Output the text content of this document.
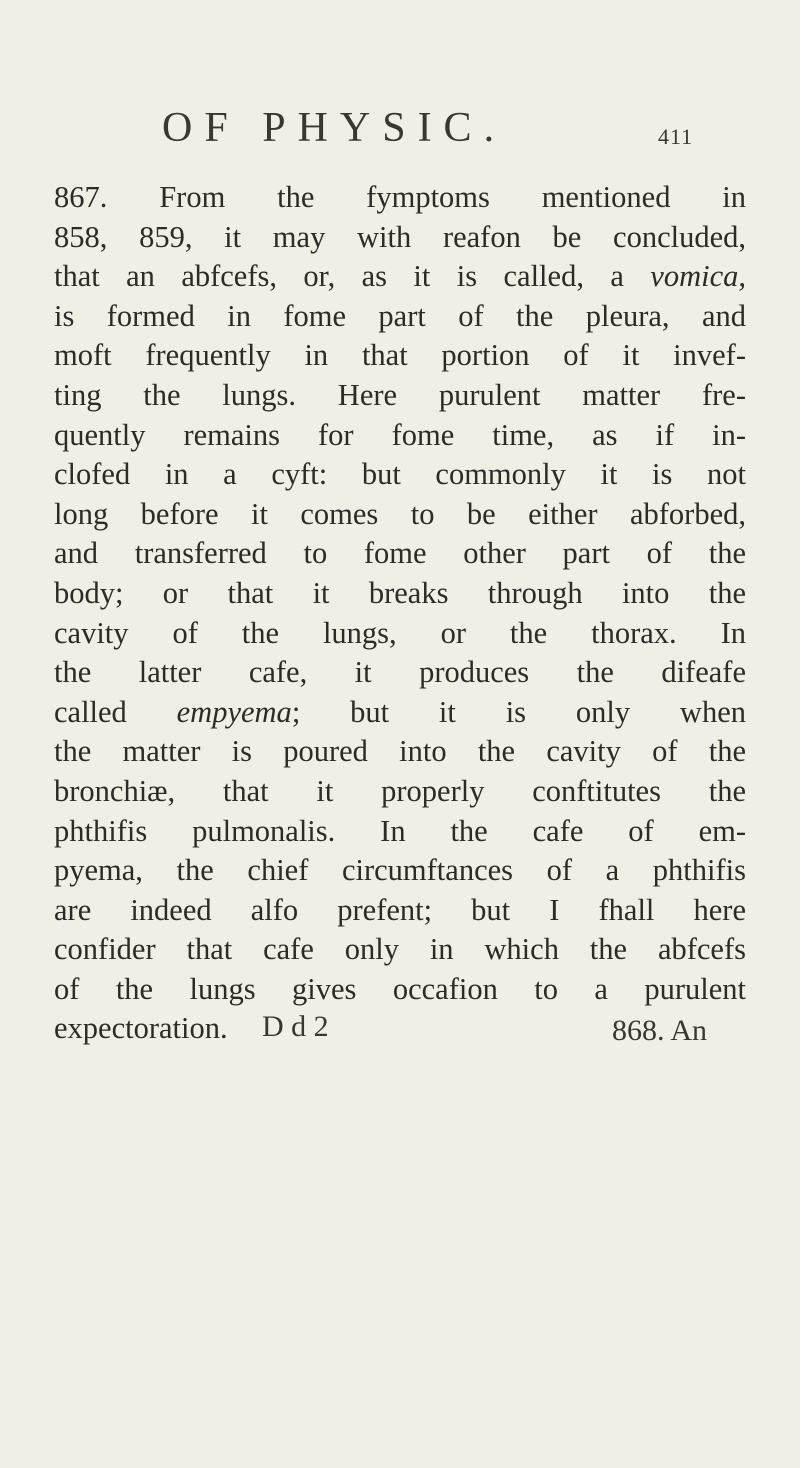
OF PHYSIC.	411
867. From the fymptoms mentioned in
858, 859, it may with reafon be concluded,
that an abfcefs, or, as it is called, a vomica,
is formed in fome part of the pleura, and
moft frequently in that portion of it invef-
ting the lungs. Here purulent matter fre-
quently remains for fome time, as if in-
clofed in a cyft: but commonly it is not
long before it comes to be either abforbed,
and transferred to fome other part of the
body; or that it breaks through into the
cavity of the lungs, or the thorax. In
the latter cafe, it produces the difeafe
called empyema; but it is only when
the matter is poured into the cavity of the
bronchiæ, that it properly conftitutes the
phthifis pulmonalis. In the cafe of em-
pyema, the chief circumftances of a phthifis
are indeed alfo prefent; but I fhall here
confider that cafe only in which the abfcefs
of the lungs gives occafion to a purulent
expectoration.	D d 2	868. An
